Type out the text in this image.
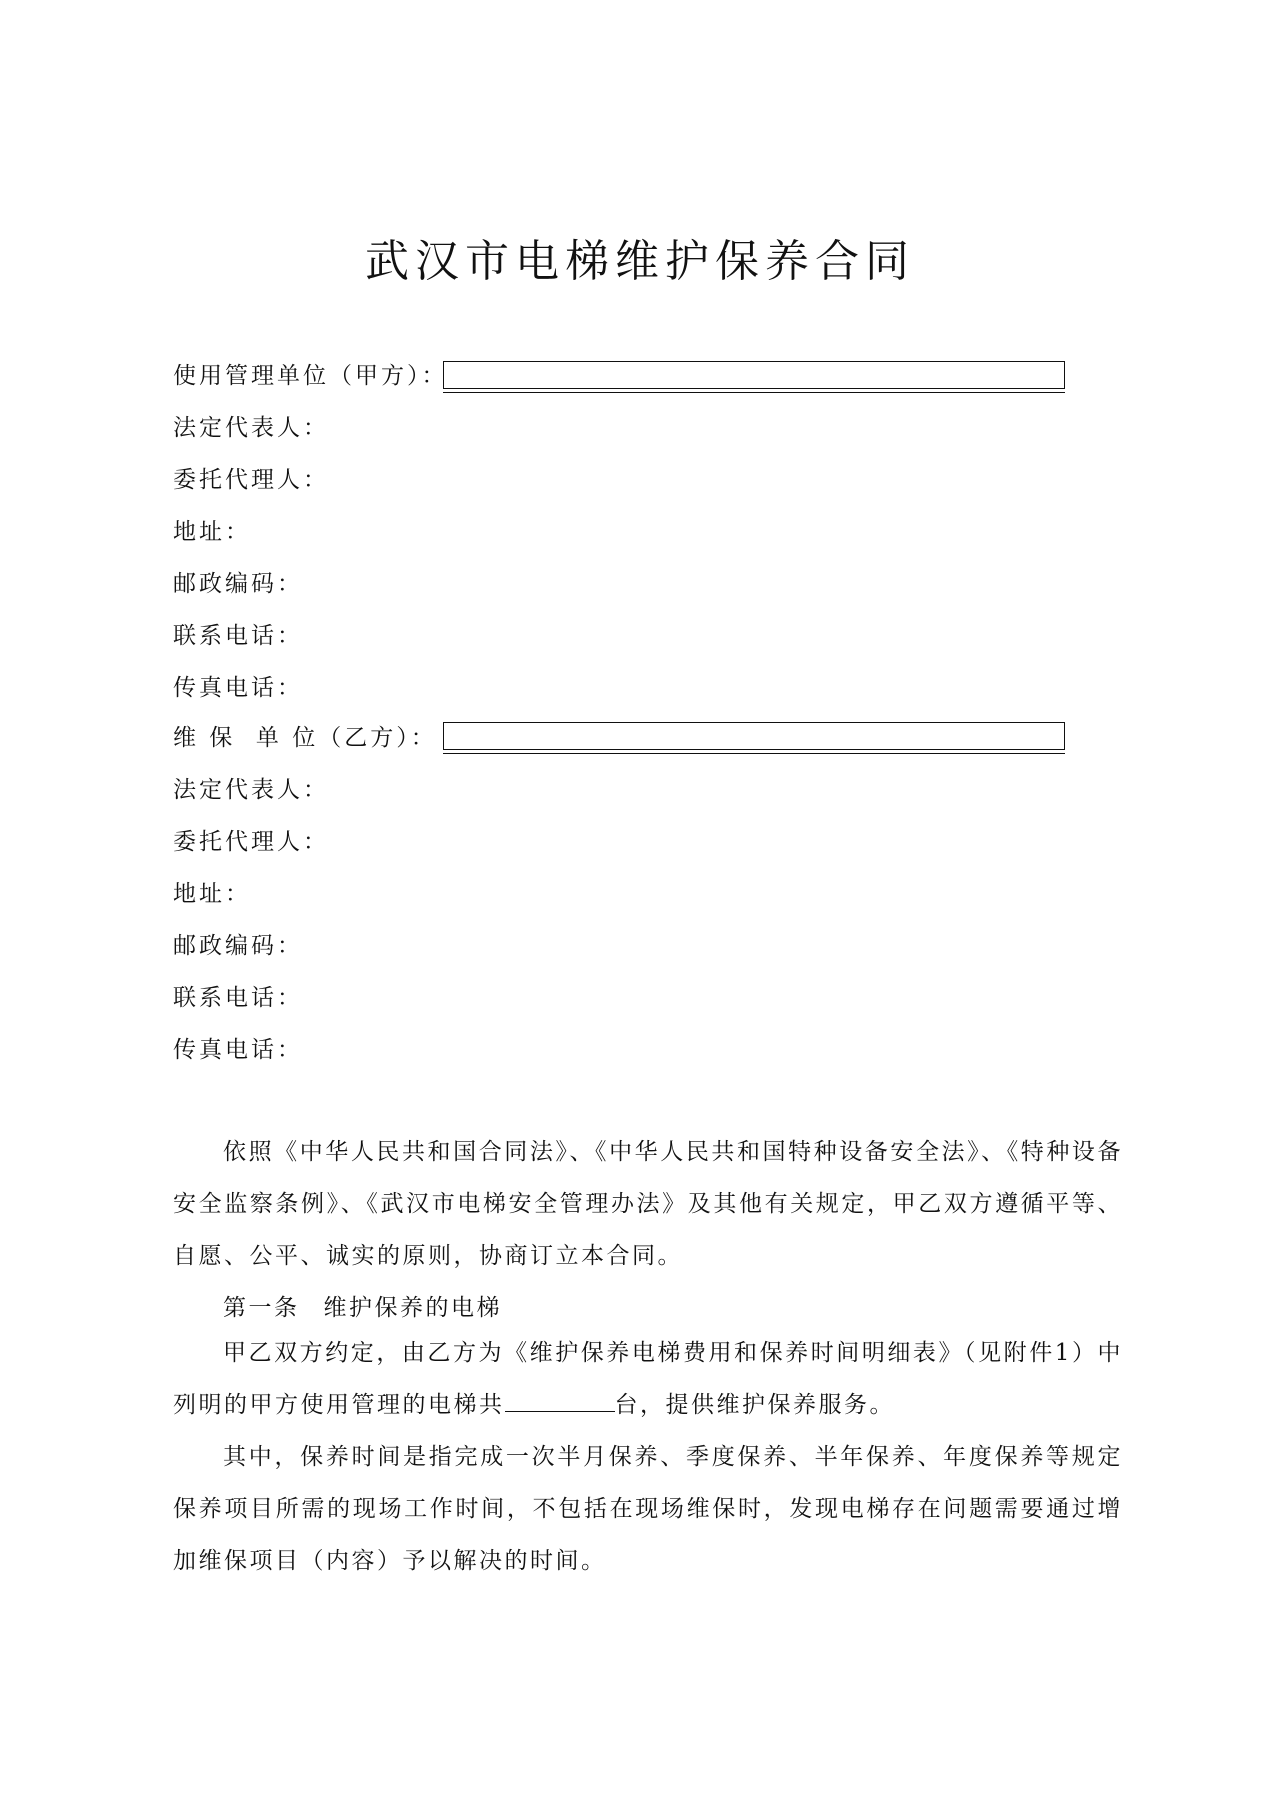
武汉市电梯维护保养合同
使用管理单位（甲方）：
法定代表人：
委托代理人：
地址：
邮政编码：
联系电话：
传真电话：
维 保  单 位（乙方）：
法定代表人：
委托代理人：
地址：
邮政编码：
联系电话：
传真电话：
依照《中华人民共和国合同法》、《中华人民共和国特种设备安全法》、《特种设备安全监察条例》、《武汉市电梯安全管理办法》及其他有关规定，甲乙双方遵循平等、自愿、公平、诚实的原则，协商订立本合同。
第一条 维护保养的电梯
甲乙双方约定，由乙方为《维护保养电梯费用和保养时间明细表》（见附件1）中列明的甲方使用管理的电梯共	台，提供维护保养服务。
其中，保养时间是指完成一次半月保养、季度保养、半年保养、年度保养等规定保养项目所需的现场工作时间，不包括在现场维保时，发现电梯存在问题需要通过增加维保项目（内容）予以解决的时间。
